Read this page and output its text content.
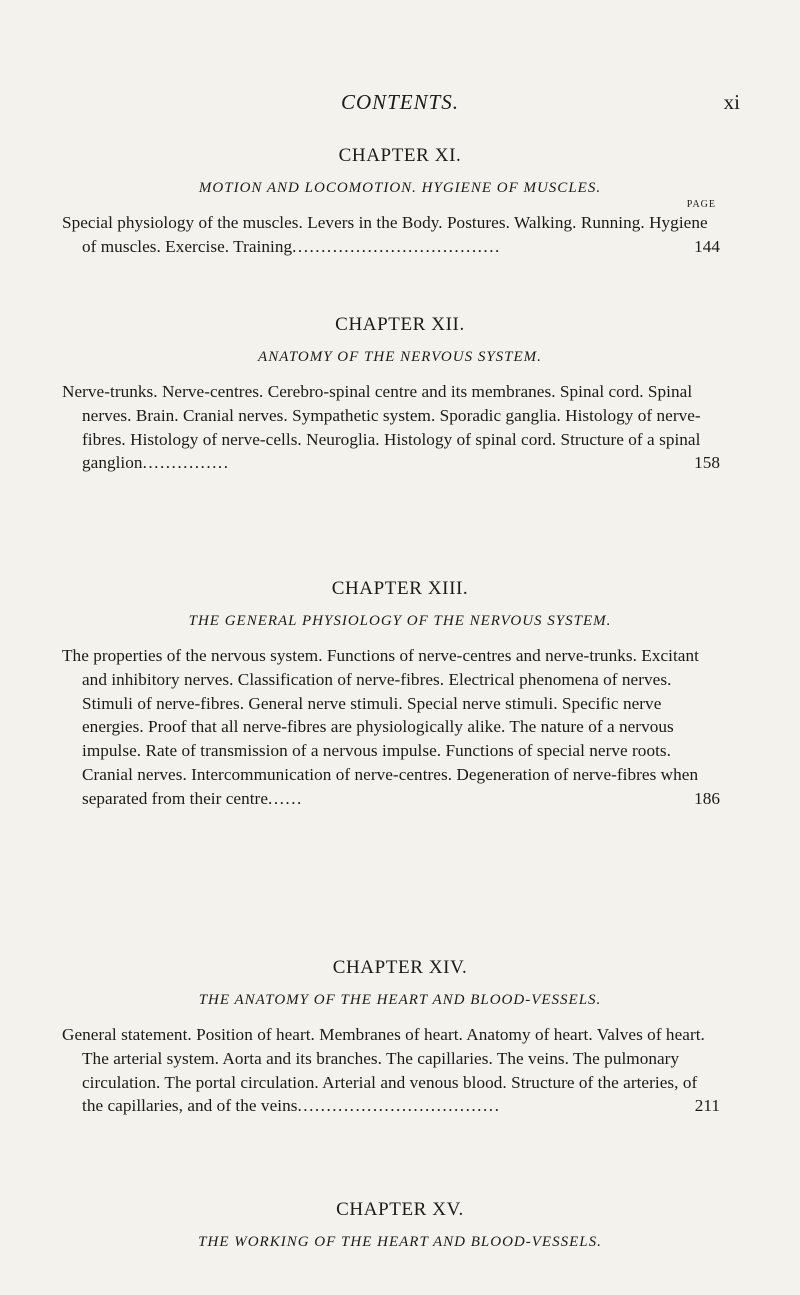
CONTENTS.	xi
CHAPTER XI.
MOTION AND LOCOMOTION. HYGIENE OF MUSCLES.
PAGE
Special physiology of the muscles. Levers in the Body. Postures. Walking. Running. Hygiene of muscles. Exercise. Training....................................	144
CHAPTER XII.
ANATOMY OF THE NERVOUS SYSTEM.
Nerve-trunks. Nerve-centres. Cerebro-spinal centre and its membranes. Spinal cord. Spinal nerves. Brain. Cranial nerves. Sympathetic system. Sporadic ganglia. Histology of nerve-fibres. Histology of nerve-cells. Neuroglia. Histology of spinal cord. Structure of a spinal ganglion...............	158
CHAPTER XIII.
THE GENERAL PHYSIOLOGY OF THE NERVOUS SYSTEM.
The properties of the nervous system. Functions of nerve-centres and nerve-trunks. Excitant and inhibitory nerves. Classification of nerve-fibres. Electrical phenomena of nerves. Stimuli of nerve-fibres. General nerve stimuli. Special nerve stimuli. Specific nerve energies. Proof that all nerve-fibres are physiologically alike. The nature of a nervous impulse. Rate of transmission of a nervous impulse. Functions of special nerve roots. Cranial nerves. Intercommunication of nerve-centres. Degeneration of nerve-fibres when separated from their centre......	186
CHAPTER XIV.
THE ANATOMY OF THE HEART AND BLOOD-VESSELS.
General statement. Position of heart. Membranes of heart. Anatomy of heart. Valves of heart. The arterial system. Aorta and its branches. The capillaries. The veins. The pulmonary circulation. The portal circulation. Arterial and venous blood. Structure of the arteries, of the capillaries, and of the veins...................................	211
CHAPTER XV.
THE WORKING OF THE HEART AND BLOOD-VESSELS.
